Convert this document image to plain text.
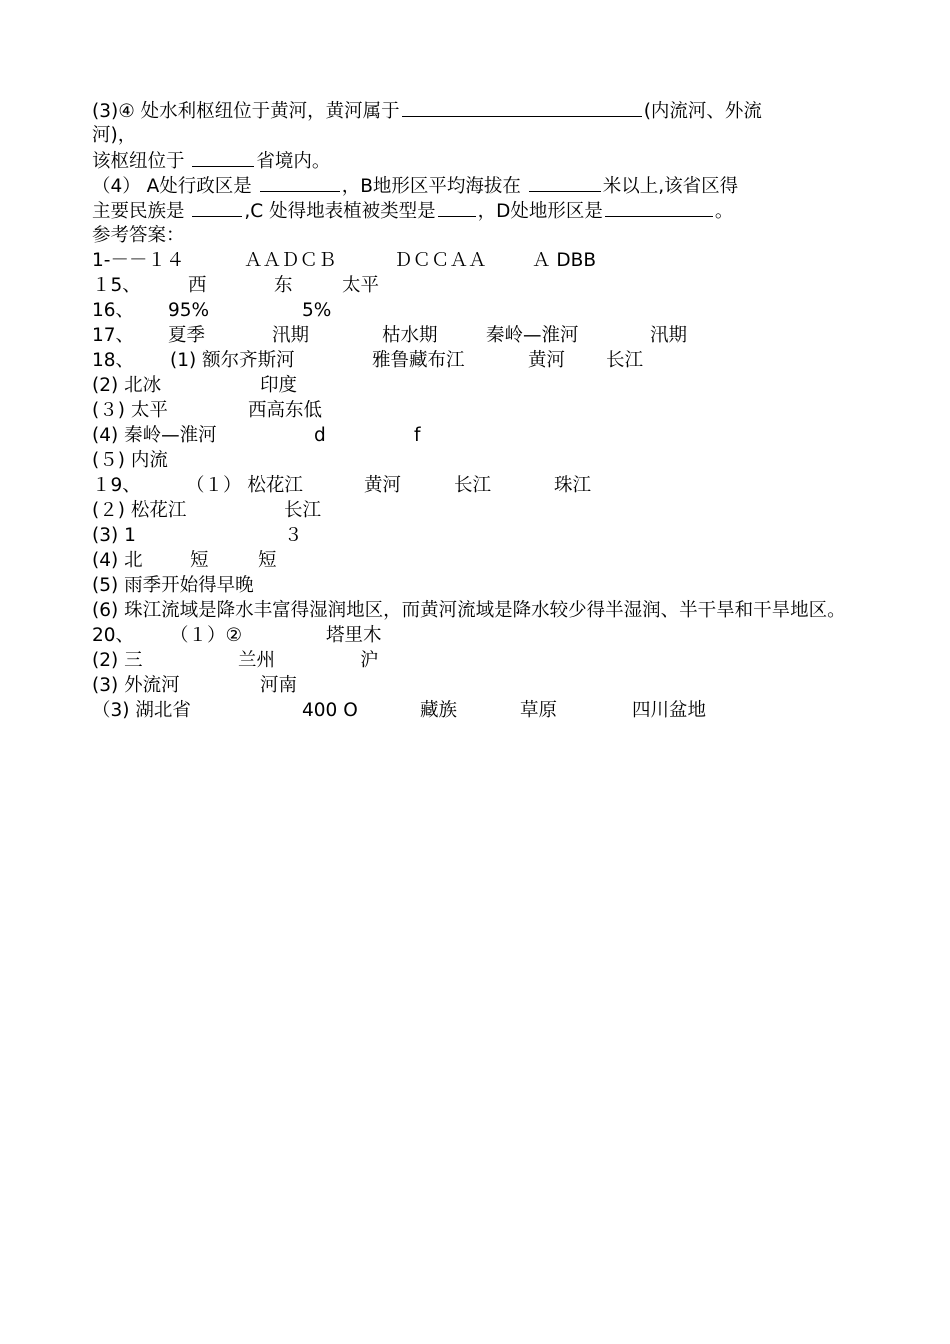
(3)④ 处水利枢纽位于黄河，黄河属于	(内流河、外流
河)，
该枢纽位于	省境内。
（4） A处行政区是	，B地形区平均海拔在	米以上,该省区得
主要民族是	,C 处得地表植被类型是 ，D处地形区是	。
参考答案：
1-－－１４	ＡＡＤＣＢ	ＤＣＣＡＡ Ａ DBB
１5、	西	东	太平
16、 95%	5%
17、 夏季	汛期	枯水期	秦岭—淮河	汛期
18、 (1) 额尔齐斯河	雅鲁藏布江	黄河 长江
(2) 北冰	印度
(３) 太平	西高东低
(4) 秦岭—淮河	d	f
(５) 内流
１9、 （１） 松花江	黄河	长江	珠江
(２) 松花江	长江
(3) 1	３
(4) 北	短	短
(5) 雨季开始得早晚
(6) 珠江流域是降水丰富得湿润地区，而黄河流域是降水较少得半湿润、半干旱和干旱地区。
20、 （１）②	塔里木
(2) 三	兰州	沪
(3) 外流河	河南
（3) 湖北省	400 O	藏族	草原	四川盆地
